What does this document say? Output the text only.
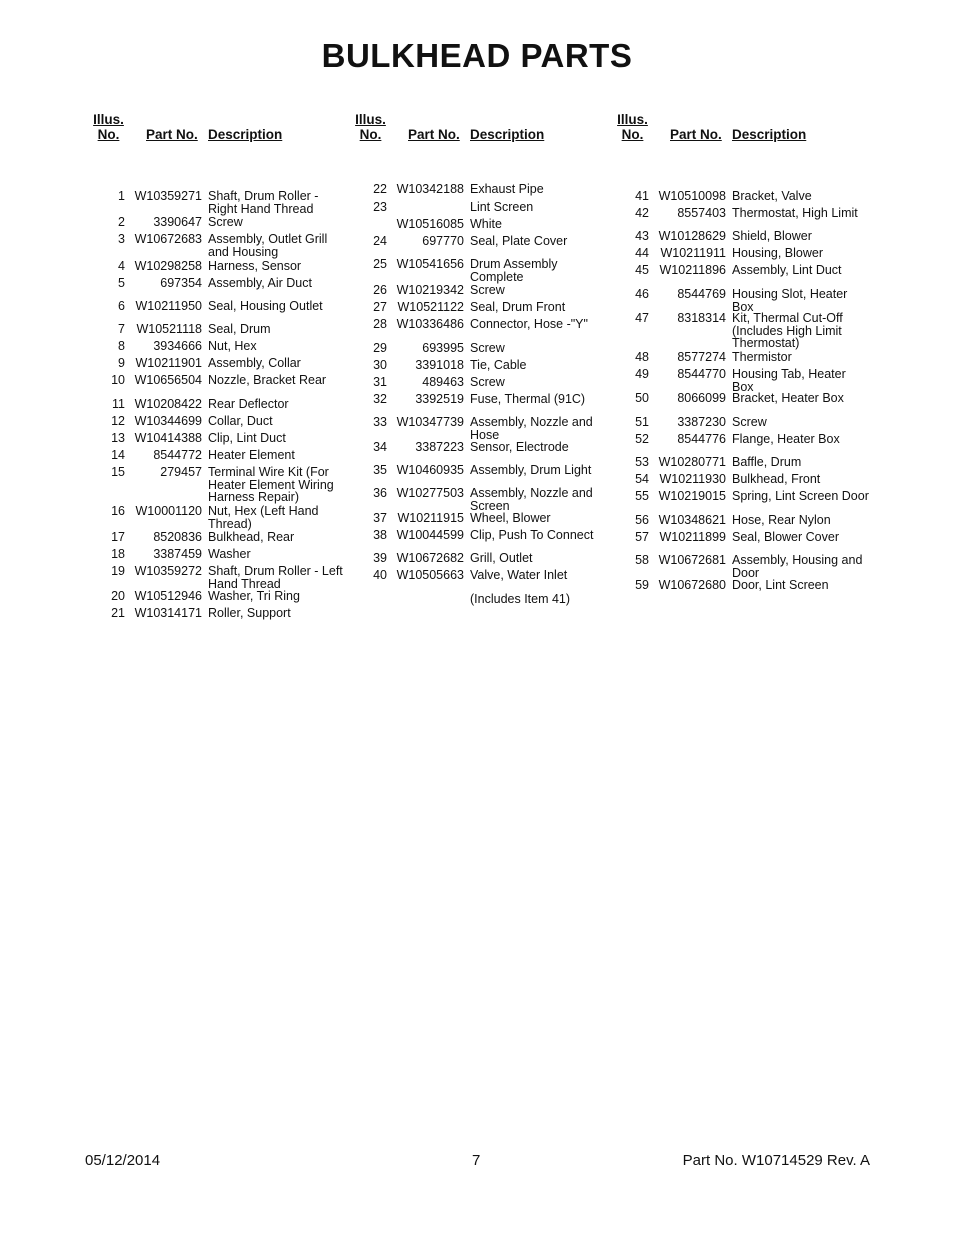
BULKHEAD PARTS
Illus.
No.	Part No. Description
1 W10359271 Shaft, Drum Roller - Right Hand Thread
2	3390647 Screw
3 W10672683 Assembly, Outlet Grill and Housing
4 W10298258 Harness, Sensor
5	697354 Assembly, Air Duct
6 W10211950 Seal, Housing Outlet
7 W10521118 Seal, Drum
8	3934666 Nut, Hex
9 W10211901 Assembly, Collar
10 W10656504 Nozzle, Bracket Rear
11 W10208422 Rear Deflector
12 W10344699 Collar, Duct
13 W10414388 Clip, Lint Duct
14	8544772 Heater Element
15	279457 Terminal Wire Kit (For Heater Element Wiring Harness Repair)
16 W10001120 Nut, Hex (Left Hand Thread)
17	8520836 Bulkhead, Rear
18	3387459 Washer
19 W10359272 Shaft, Drum Roller - Left Hand Thread
20 W10512946 Washer, Tri Ring
21 W10314171 Roller, Support
Illus.
No.	Part No. Description
22 W10342188 Exhaust Pipe
23	Lint Screen
W10516085 White
24	697770 Seal, Plate Cover
25 W10541656 Drum Assembly Complete
26 W10219342 Screw
27 W10521122 Seal, Drum Front
28 W10336486 Connector, Hose -"Y"
29	693995 Screw
30	3391018 Tie, Cable
31	489463 Screw
32	3392519 Fuse, Thermal (91C)
33 W10347739 Assembly, Nozzle and Hose
34	3387223 Sensor, Electrode
35 W10460935 Assembly, Drum Light
36 W10277503 Assembly, Nozzle and Screen
37 W10211915 Wheel, Blower
38 W10044599 Clip, Push To Connect
39 W10672682 Grill, Outlet
40 W10505663 Valve, Water Inlet
(Includes Item 41)
Illus.
No.	Part No. Description
41 W10510098 Bracket, Valve
42	8557403 Thermostat, High Limit
43 W10128629 Shield, Blower
44 W10211911 Housing, Blower
45 W10211896 Assembly, Lint Duct
46	8544769 Housing Slot, Heater Box
47	8318314 Kit, Thermal Cut-Off (Includes High Limit Thermostat)
48	8577274 Thermistor
49	8544770 Housing Tab, Heater Box
50	8066099 Bracket, Heater Box
51	3387230 Screw
52	8544776 Flange, Heater Box
53 W10280771 Baffle, Drum
54 W10211930 Bulkhead, Front
55 W10219015 Spring, Lint Screen Door
56 W10348621 Hose, Rear Nylon
57 W10211899 Seal, Blower Cover
58 W10672681 Assembly, Housing and Door
59 W10672680 Door, Lint Screen
05/12/2014	7	Part No. W10714529 Rev. A
